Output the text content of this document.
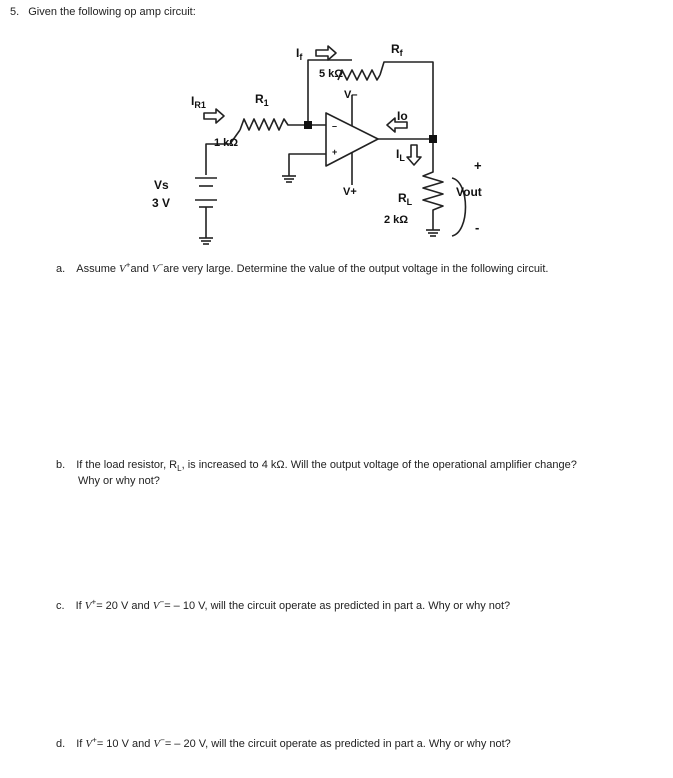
5. Given the following op amp circuit:
–
+
$I_f$
$R_f$
5 kΩ
V–
$I_{R1}$	$R_1$
1 kΩ
Io
$I_L$
Vs
3 V
V+	$R_L$
2 kΩ
+
-
Vout
a. Assume V+and V−are very large. Determine the value of the output voltage in the following circuit.
b. If the load resistor, $R_L$, is increased to 4 kΩ. Will the output voltage of the operational amplifier change?
Why or why not?
c. If V+= 20 V and V−= – 10 V, will the circuit operate as predicted in part a. Why or why not?
d. If V+= 10 V and V−= – 20 V, will the circuit operate as predicted in part a. Why or why not?
